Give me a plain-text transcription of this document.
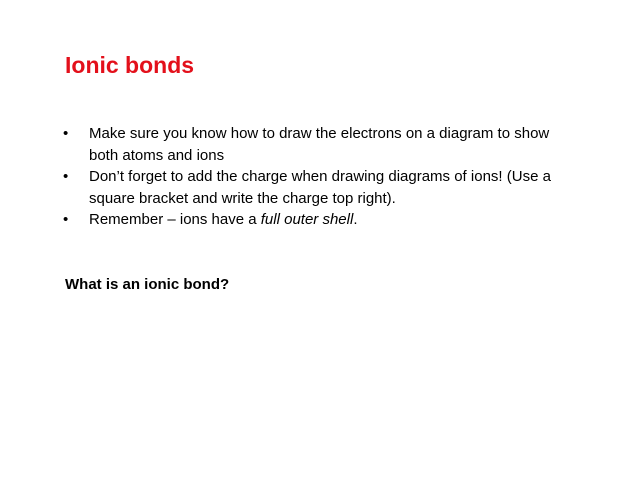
Ionic bonds
• Make sure you know how to draw the electrons on a diagram to show both atoms and ions
• Don’t forget to add the charge when drawing diagrams of ions! (Use a square bracket and write the charge top right).
• Remember – ions have a full outer shell.

What is an ionic bond?
